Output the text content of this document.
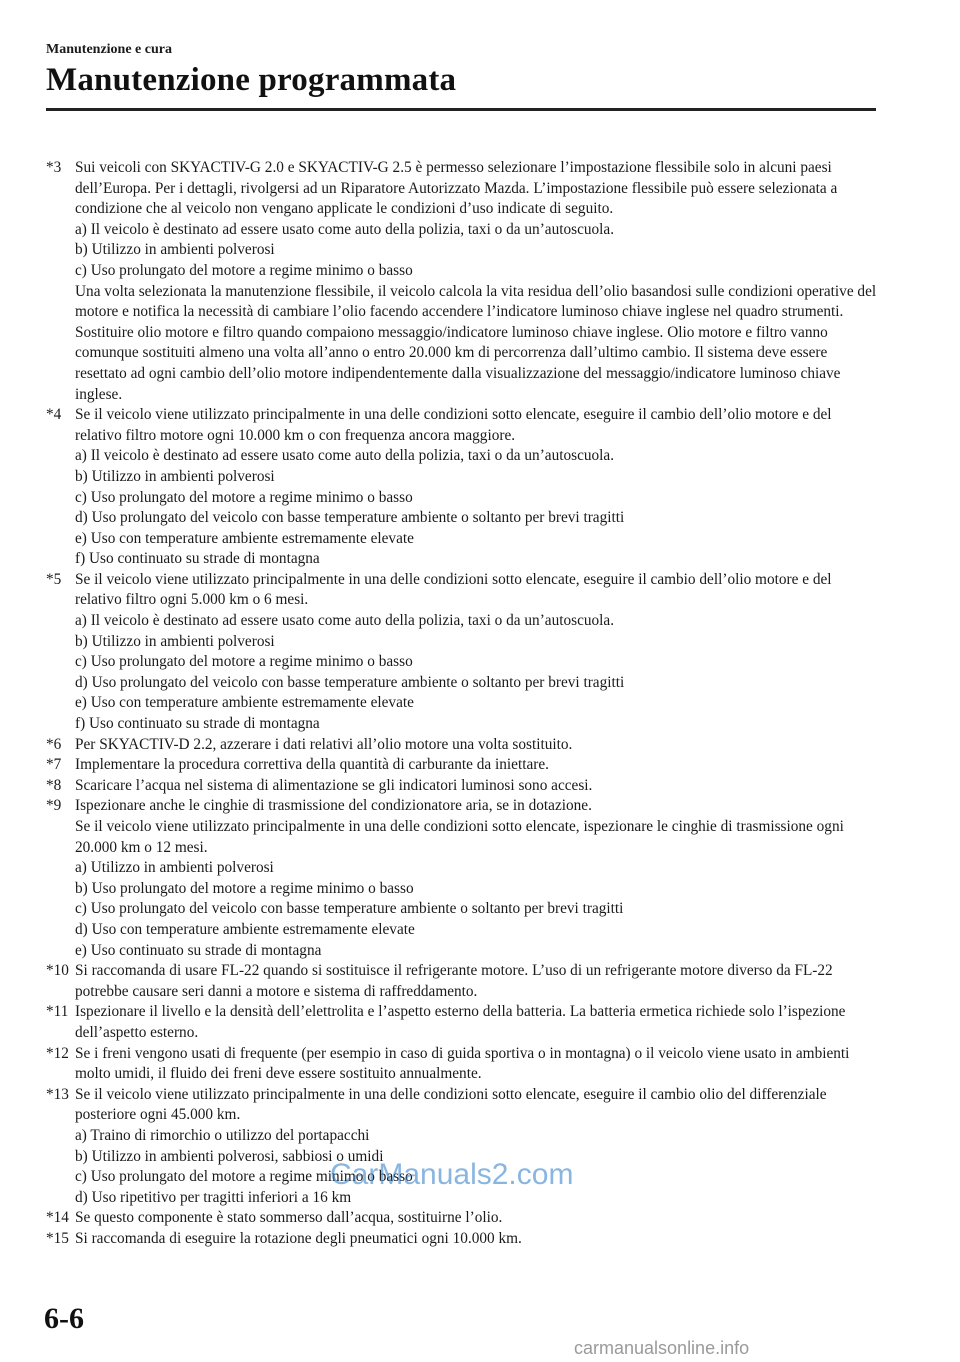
Manutenzione e cura
Manutenzione programmata
*3 Sui veicoli con SKYACTIV-G 2.0 e SKYACTIV-G 2.5 è permesso selezionare l’impostazione flessibile solo in alcuni paesi dell’Europa. Per i dettagli, rivolgersi ad un Riparatore Autorizzato Mazda. L’impostazione flessibile può essere selezionata a condizione che al veicolo non vengano applicate le condizioni d’uso indicate di seguito.
a) Il veicolo è destinato ad essere usato come auto della polizia, taxi o da un’autoscuola.
b) Utilizzo in ambienti polverosi
c) Uso prolungato del motore a regime minimo o basso
Una volta selezionata la manutenzione flessibile, il veicolo calcola la vita residua dell’olio basandosi sulle condizioni operative del motore e notifica la necessità di cambiare l’olio facendo accendere l’indicatore luminoso chiave inglese nel quadro strumenti.
Sostituire olio motore e filtro quando compaiono messaggio/indicatore luminoso chiave inglese. Olio motore e filtro vanno comunque sostituiti almeno una volta all’anno o entro 20.000 km di percorrenza dall’ultimo cambio. Il sistema deve essere resettato ad ogni cambio dell’olio motore indipendentemente dalla visualizzazione del messaggio/indicatore luminoso chiave inglese.
*4 Se il veicolo viene utilizzato principalmente in una delle condizioni sotto elencate, eseguire il cambio dell’olio motore e del relativo filtro motore ogni 10.000 km o con frequenza ancora maggiore.
a) Il veicolo è destinato ad essere usato come auto della polizia, taxi o da un’autoscuola.
b) Utilizzo in ambienti polverosi
c) Uso prolungato del motore a regime minimo o basso
d) Uso prolungato del veicolo con basse temperature ambiente o soltanto per brevi tragitti
e) Uso con temperature ambiente estremamente elevate
f) Uso continuato su strade di montagna
*5 Se il veicolo viene utilizzato principalmente in una delle condizioni sotto elencate, eseguire il cambio dell’olio motore e del relativo filtro ogni 5.000 km o 6 mesi.
a) Il veicolo è destinato ad essere usato come auto della polizia, taxi o da un’autoscuola.
b) Utilizzo in ambienti polverosi
c) Uso prolungato del motore a regime minimo o basso
d) Uso prolungato del veicolo con basse temperature ambiente o soltanto per brevi tragitti
e) Uso con temperature ambiente estremamente elevate
f) Uso continuato su strade di montagna
*6 Per SKYACTIV-D 2.2, azzerare i dati relativi all’olio motore una volta sostituito.
*7 Implementare la procedura correttiva della quantità di carburante da iniettare.
*8 Scaricare l’acqua nel sistema di alimentazione se gli indicatori luminosi sono accesi.
*9 Ispezionare anche le cinghie di trasmissione del condizionatore aria, se in dotazione.
Se il veicolo viene utilizzato principalmente in una delle condizioni sotto elencate, ispezionare le cinghie di trasmissione ogni 20.000 km o 12 mesi.
a) Utilizzo in ambienti polverosi
b) Uso prolungato del motore a regime minimo o basso
c) Uso prolungato del veicolo con basse temperature ambiente o soltanto per brevi tragitti
d) Uso con temperature ambiente estremamente elevate
e) Uso continuato su strade di montagna
*10 Si raccomanda di usare FL-22 quando si sostituisce il refrigerante motore. L’uso di un refrigerante motore diverso da FL-22 potrebbe causare seri danni a motore e sistema di raffreddamento.
*11 Ispezionare il livello e la densità dell’elettrolita e l’aspetto esterno della batteria. La batteria ermetica richiede solo l’ispezione dell’aspetto esterno.
*12 Se i freni vengono usati di frequente (per esempio in caso di guida sportiva o in montagna) o il veicolo viene usato in ambienti molto umidi, il fluido dei freni deve essere sostituito annualmente.
*13 Se il veicolo viene utilizzato principalmente in una delle condizioni sotto elencate, eseguire il cambio olio del differenziale posteriore ogni 45.000 km.
a) Traino di rimorchio o utilizzo del portapacchi
b) Utilizzo in ambienti polverosi, sabbiosi o umidi
c) Uso prolungato del motore a regime minimo o basso
d) Uso ripetitivo per tragitti inferiori a 16 km
*14 Se questo componente è stato sommerso dall’acqua, sostituirne l’olio.
*15 Si raccomanda di eseguire la rotazione degli pneumatici ogni 10.000 km.
CarManuals2.com
6-6
carmanualsonline.info
